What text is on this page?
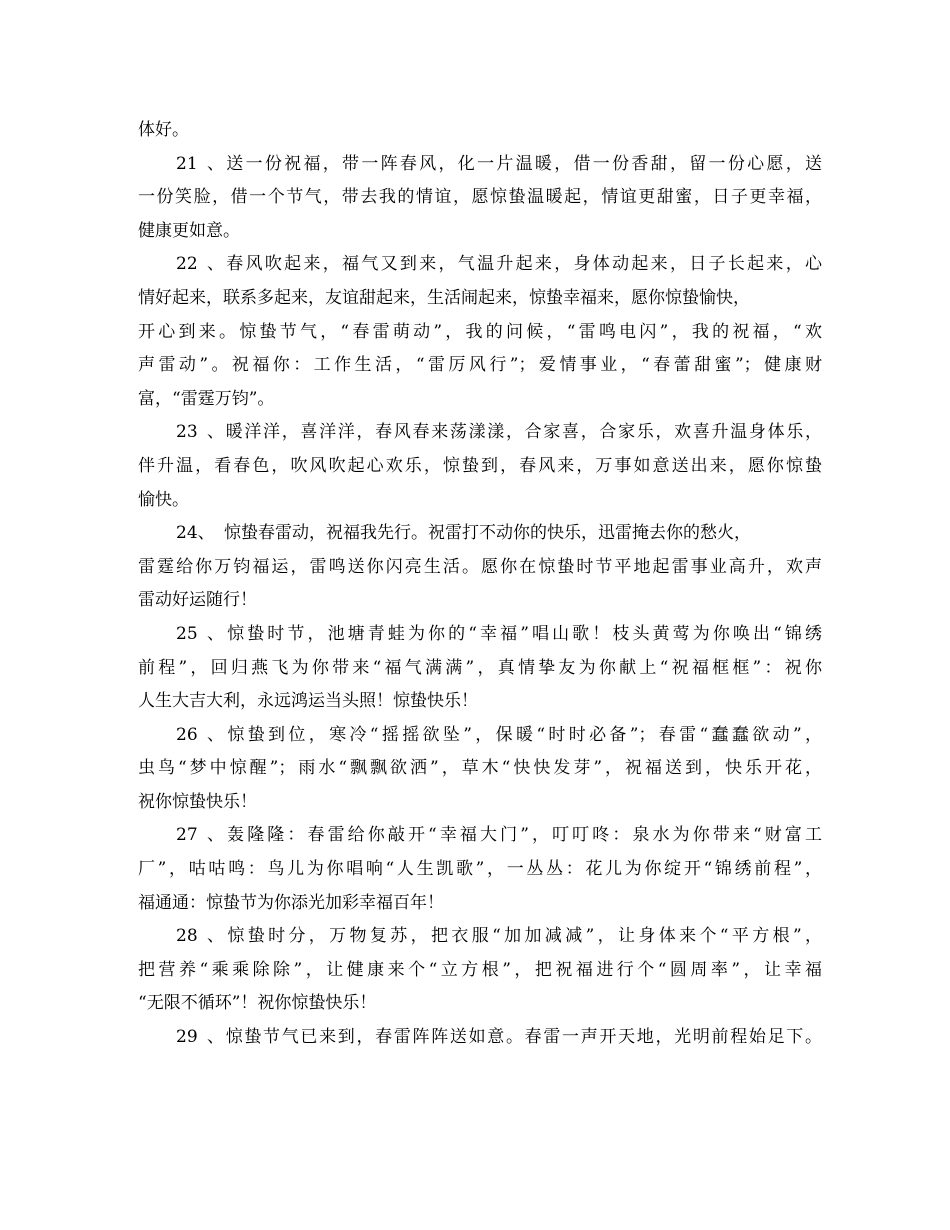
体好。

21、送一份祝福，带一阵春风，化一片温暖，借一份香甜，留一份心愿，送

一份笑脸，借一个节气，带去我的情谊，愿惊蛰温暖起，情谊更甜蜜，日子更幸福，

健康更如意。

22、春风吹起来，福气又到来，气温升起来，身体动起来，日子长起来，心

情好起来，联系多起来，友谊甜起来，生活闹起来，惊蛰幸福来，愿你惊蛰愉快，

开心到来。惊蛰节气，“春雷萌动”，我的问候，“雷鸣电闪”，我的祝福，“欢

声雷动”。祝福你：工作生活，“雷厉风行”；爱情事业，“春蕾甜蜜”；健康财

富，“雷霆万钧”。

23、暖洋洋，喜洋洋，春风春来荡漾漾，合家喜，合家乐，欢喜升温身体乐，

伴升温，看春色，吹风吹起心欢乐，惊蛰到，春风来，万事如意送出来，愿你惊蛰

愉快。

24、 惊蛰春雷动，祝福我先行。祝雷打不动你的快乐，迅雷掩去你的愁火，

雷霆给你万钧福运，雷鸣送你闪亮生活。愿你在惊蛰时节平地起雷事业高升，欢声

雷动好运随行！

25、惊蛰时节，池塘青蛙为你的“幸福”唱山歌！枝头黄莺为你唤出“锦绣

前程”，回归燕飞为你带来“福气满满”，真情挚友为你献上“祝福框框”：祝你

人生大吉大利，永远鸿运当头照！惊蛰快乐！

26、惊蛰到位，寒冷“摇摇欲坠”，保暖“时时必备”；春雷“蠢蠢欲动”，

虫鸟“梦中惊醒”；雨水“飘飘欲洒”，草木“快快发芽”，祝福送到，快乐开花，

祝你惊蛰快乐！

27、轰隆隆：春雷给你敲开“幸福大门”，叮叮咚：泉水为你带来“财富工

厂”，咕咕鸣：鸟儿为你唱响“人生凯歌”，一丛丛：花儿为你绽开“锦绣前程”，

福通通：惊蛰节为你添光加彩幸福百年！

28、惊蛰时分，万物复苏，把衣服“加加减减”，让身体来个“平方根”，

把营养“乘乘除除”，让健康来个“立方根”，把祝福进行个“圆周率”，让幸福

“无限不循环”！祝你惊蛰快乐！

29、惊蛰节气已来到，春雷阵阵送如意。春雷一声开天地，光明前程始足下。
